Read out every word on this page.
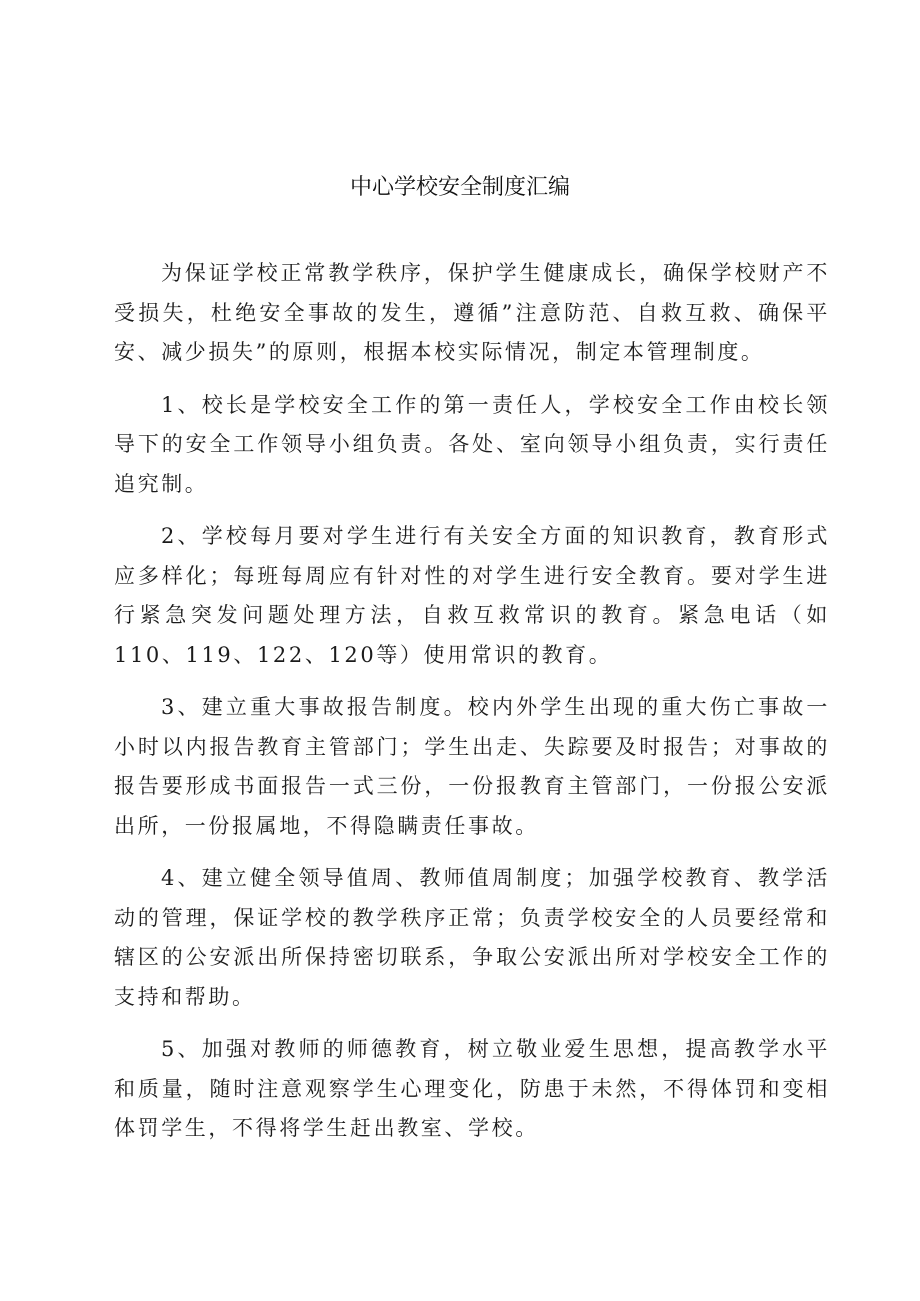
中心学校安全制度汇编

为保证学校正常教学秩序，保护学生健康成长，确保学校财产不受损失，杜绝安全事故的发生，遵循”注意防范、自救互救、确保平安、减少损失”的原则，根据本校实际情况，制定本管理制度。

1、校长是学校安全工作的第一责任人，学校安全工作由校长领导下的安全工作领导小组负责。各处、室向领导小组负责，实行责任追究制。

2、学校每月要对学生进行有关安全方面的知识教育，教育形式应多样化；每班每周应有针对性的对学生进行安全教育。要对学生进行紧急突发问题处理方法，自救互救常识的教育。紧急电话（如110、119、122、120等）使用常识的教育。

3、建立重大事故报告制度。校内外学生出现的重大伤亡事故一小时以内报告教育主管部门；学生出走、失踪要及时报告；对事故的报告要形成书面报告一式三份，一份报教育主管部门，一份报公安派出所，一份报属地，不得隐瞒责任事故。

4、建立健全领导值周、教师值周制度；加强学校教育、教学活动的管理，保证学校的教学秩序正常；负责学校安全的人员要经常和辖区的公安派出所保持密切联系，争取公安派出所对学校安全工作的支持和帮助。

5、加强对教师的师德教育，树立敬业爱生思想，提高教学水平和质量，随时注意观察学生心理变化，防患于未然，不得体罚和变相体罚学生，不得将学生赶出教室、学校。
